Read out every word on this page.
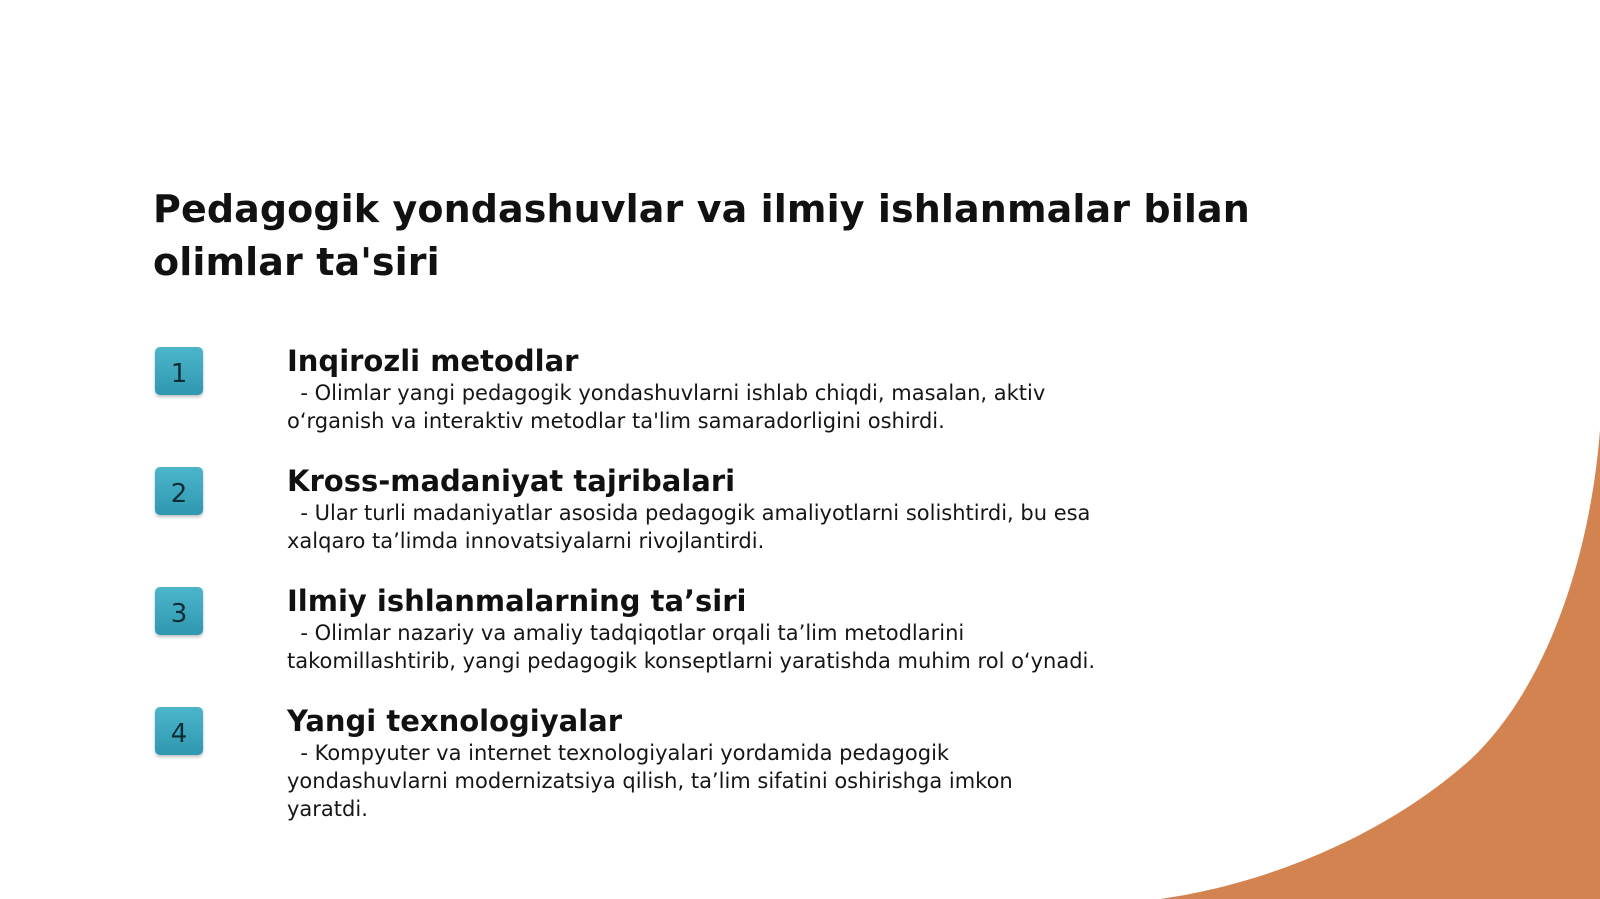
Pedagogik yondashuvlar va ilmiy ishlanmalar bilan olimlar ta'siri
1	Inqirozli metodlar

- Olimlar yangi pedagogik yondashuvlarni ishlab chiqdi, masalan, aktiv o‘rganish va interaktiv metodlar ta'lim samaradorligini oshirdi.

2	Kross-madaniyat tajribalari

- Ular turli madaniyatlar asosida pedagogik amaliyotlarni solishtirdi, bu esa xalqaro ta’limda innovatsiyalarni rivojlantirdi.

3	Ilmiy ishlanmalarning ta’siri

- Olimlar nazariy va amaliy tadqiqotlar orqali ta’lim metodlarini takomillashtirib, yangi pedagogik konseptlarni yaratishda muhim rol o‘ynadi.

4	Yangi texnologiyalar

- Kompyuter va internet texnologiyalari yordamida pedagogik yondashuvlarni modernizatsiya qilish, ta’lim sifatini oshirishga imkon yaratdi.
